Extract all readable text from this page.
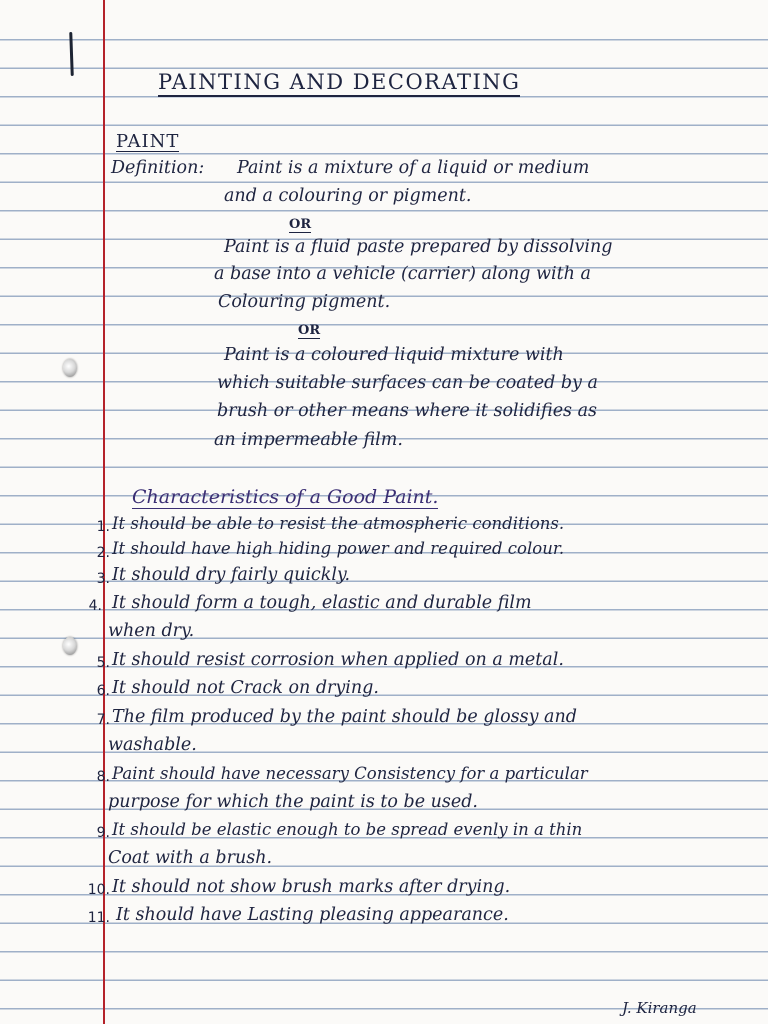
PAINTING AND DECORATING
PAINT
Definition: Paint is a mixture of a liquid or medium
and a colouring or pigment.
OR
Paint is a fluid paste prepared by dissolving
a base into a vehicle (carrier) along with a
Colouring pigment.
OR
Paint is a coloured liquid mixture with
which suitable surfaces can be coated by a
brush or other means where it solidifies as
an impermeable film.
Characteristics of a Good Paint.
1. It should be able to resist the atmospheric conditions.
2. It should have high hiding power and required colour.
3. It should dry fairly quickly.
4. It should form a tough, elastic and durable film
when dry.
5. It should resist corrosion when applied on a metal.
6. It should not Crack on drying.
7. The film produced by the paint should be glossy and
washable.
8. Paint should have necessary Consistency for a particular
purpose for which the paint is to be used.
9. It should be elastic enough to be spread evenly in a thin
Coat with a brush.
10. It should not show brush marks after drying.
11. It should have Lasting pleasing appearance.
J. Kiranga
